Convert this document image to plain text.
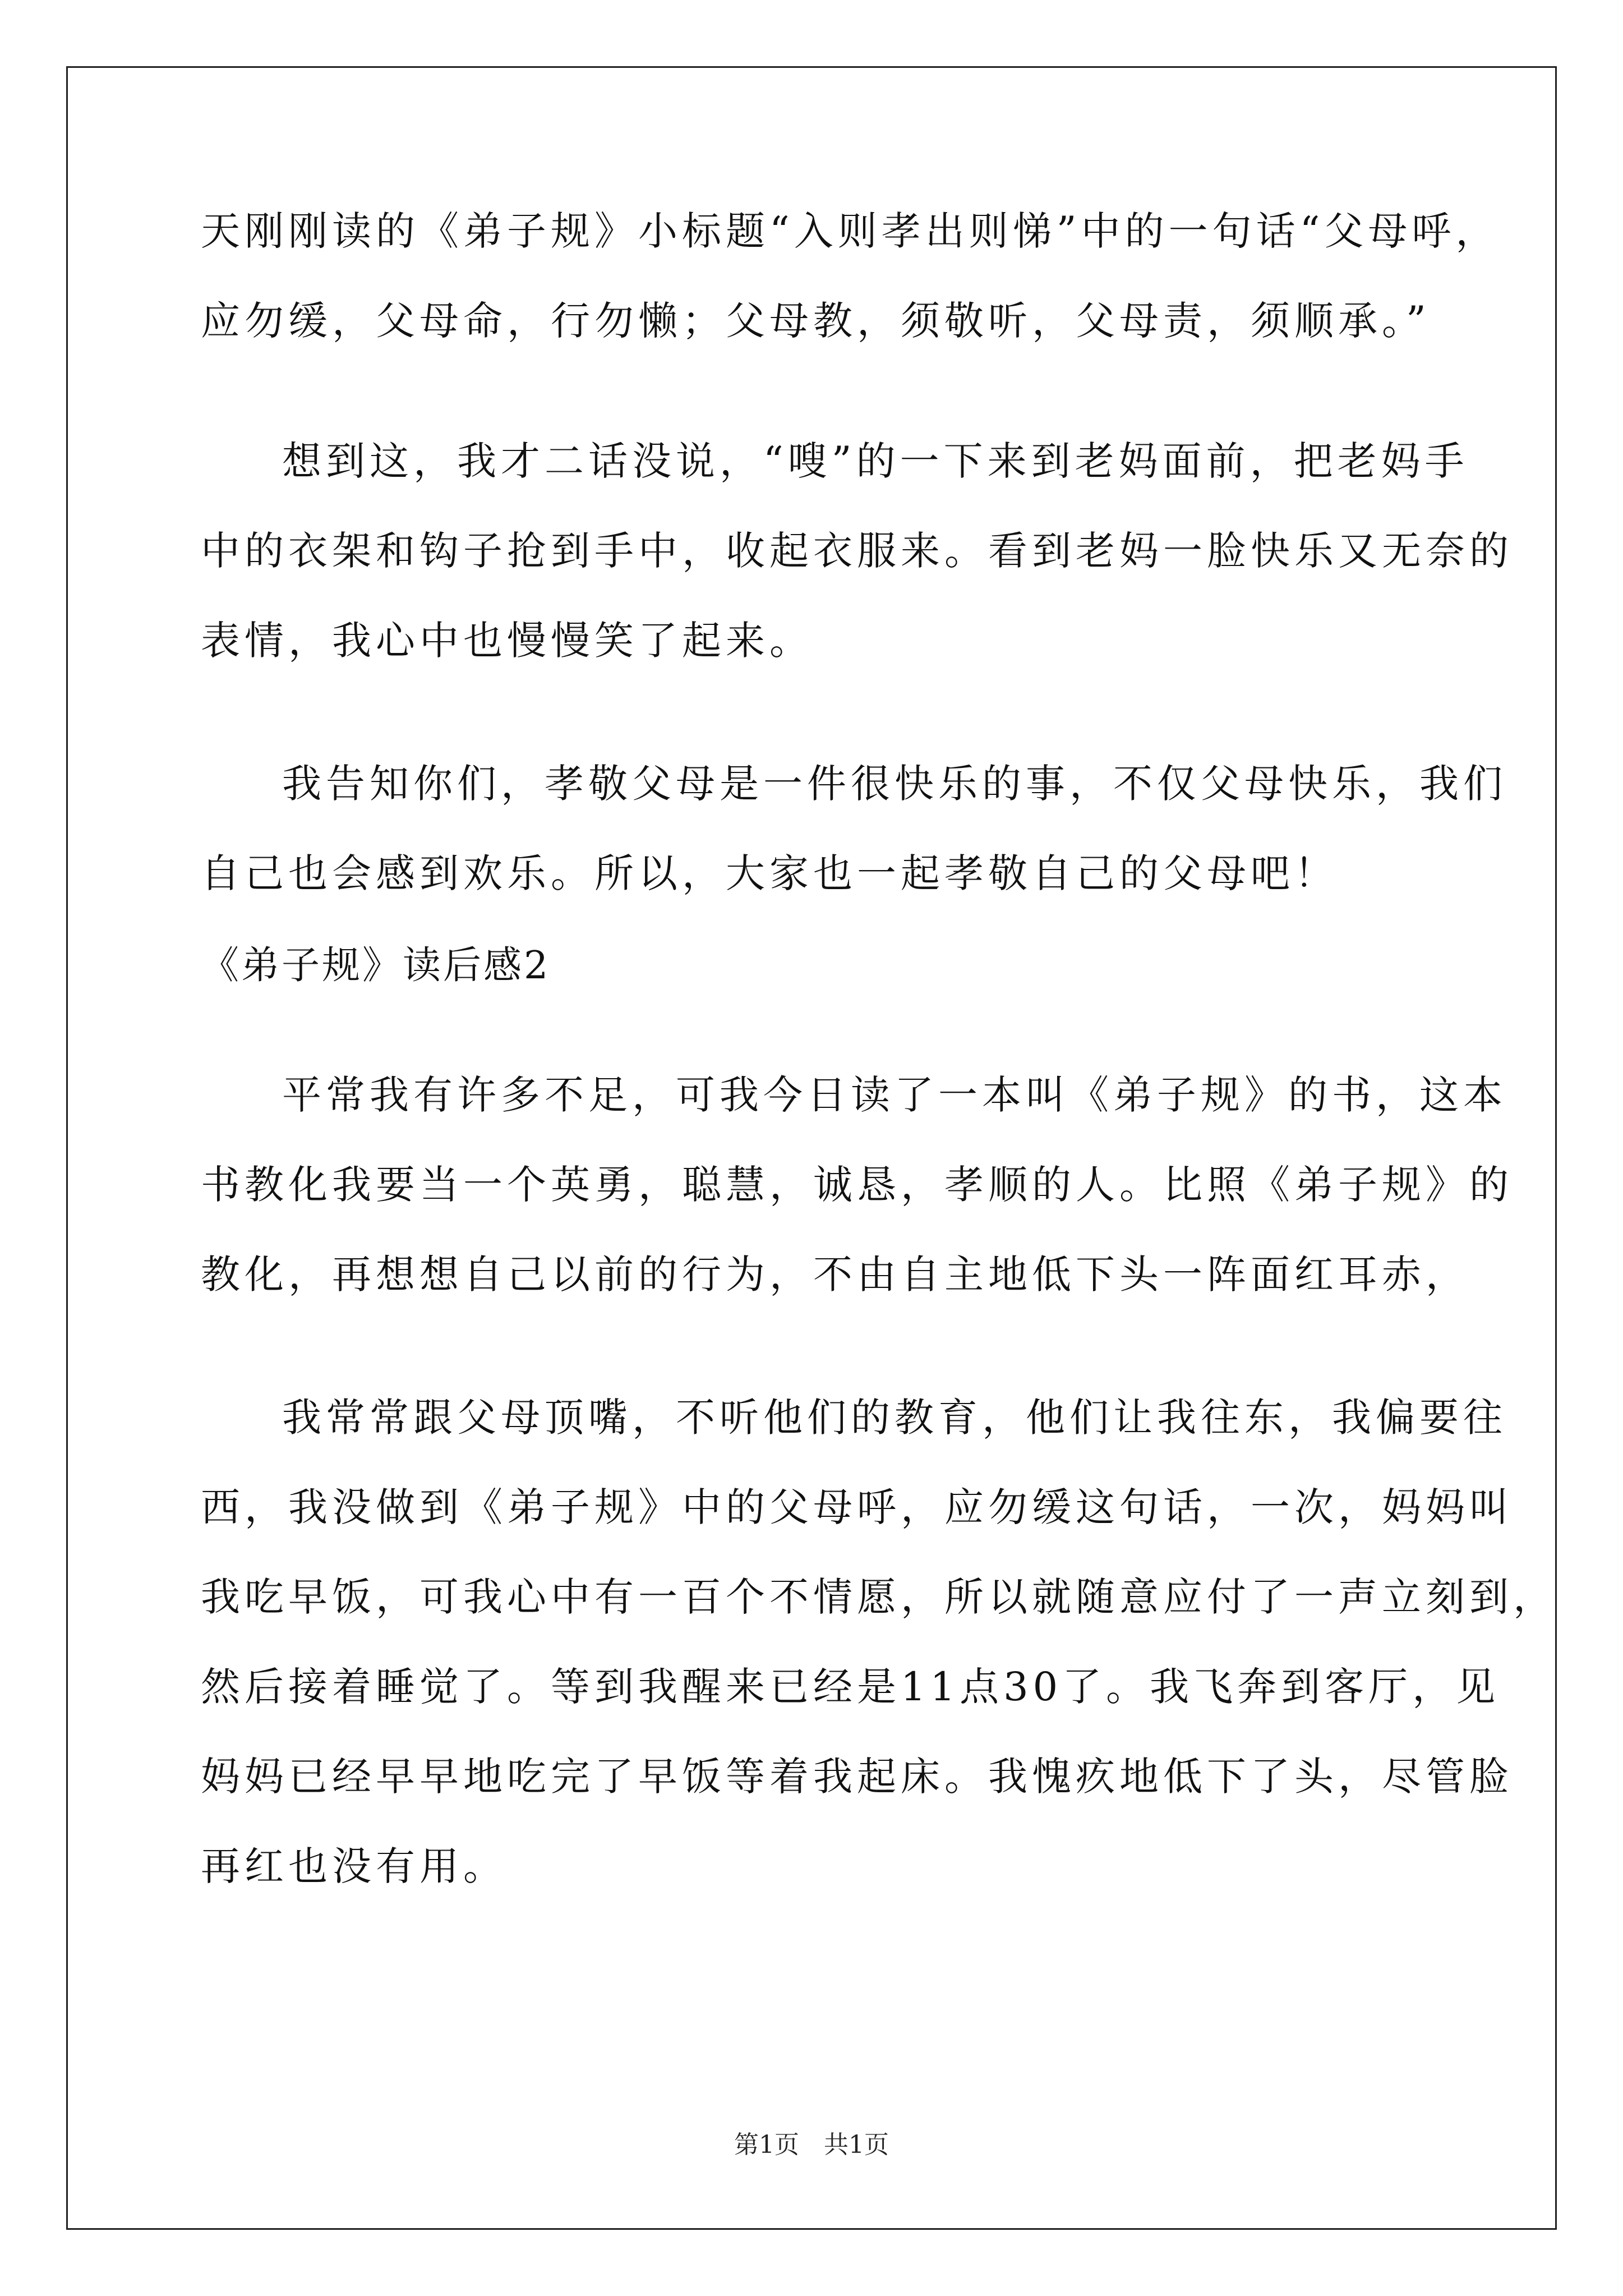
天刚刚读的《弟子规》小标题“入则孝出则悌”中的一句话“父母呼，
应勿缓，父母命，行勿懒；父母教，须敬听，父母责，须顺承。”
想到这，我才二话没说，“嗖”的一下来到老妈面前，把老妈手
中的衣架和钩子抢到手中，收起衣服来。看到老妈一脸快乐又无奈的
表情，我心中也慢慢笑了起来。
我告知你们，孝敬父母是一件很快乐的事，不仅父母快乐，我们
自己也会感到欢乐。所以，大家也一起孝敬自己的父母吧！
《弟子规》读后感2
平常我有许多不足，可我今日读了一本叫《弟子规》的书，这本
书教化我要当一个英勇，聪慧，诚恳，孝顺的人。比照《弟子规》的
教化，再想想自己以前的行为，不由自主地低下头一阵面红耳赤，
我常常跟父母顶嘴，不听他们的教育，他们让我往东，我偏要往
西，我没做到《弟子规》中的父母呼，应勿缓这句话，一次，妈妈叫
我吃早饭，可我心中有一百个不情愿，所以就随意应付了一声立刻到，
然后接着睡觉了。等到我醒来已经是11点30了。我飞奔到客厅，见
妈妈已经早早地吃完了早饭等着我起床。我愧疚地低下了头，尽管脸
再红也没有用。
第1页 共1页
